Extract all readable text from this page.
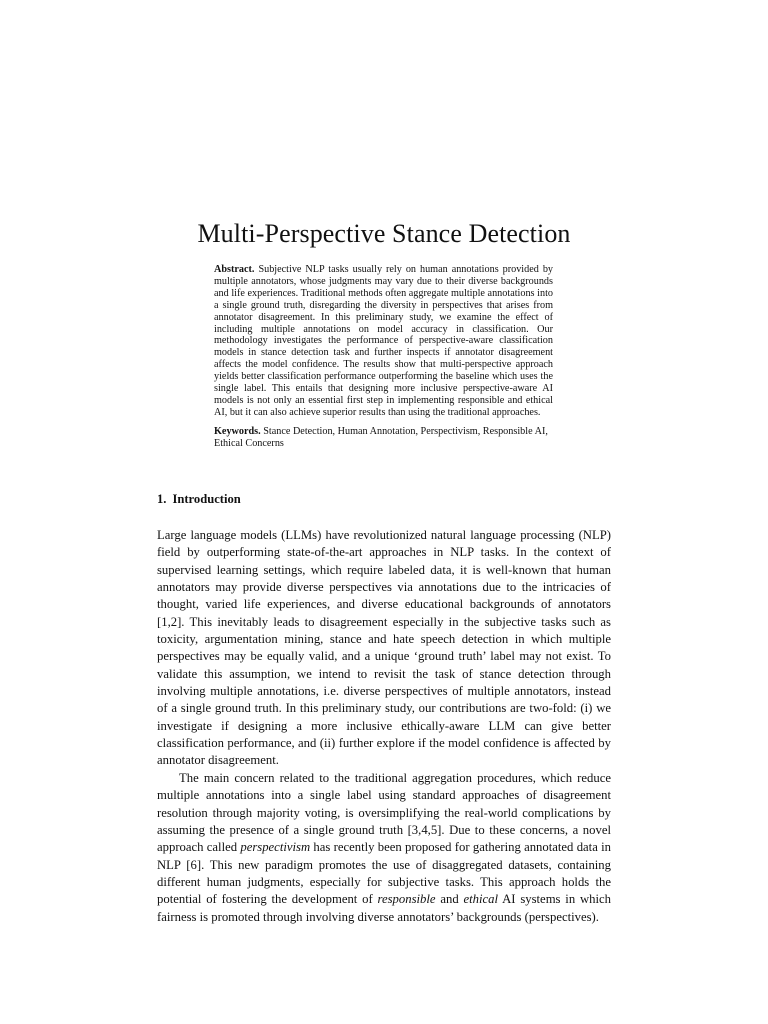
Multi-Perspective Stance Detection

Abstract. Subjective NLP tasks usually rely on human annotations provided by multiple annotators, whose judgments may vary due to their diverse backgrounds and life experiences. Traditional methods often aggregate multiple annotations into a single ground truth, disregarding the diversity in perspectives that arises from annotator disagreement. In this preliminary study, we examine the effect of including multiple annotations on model accuracy in classification. Our methodology investigates the performance of perspective-aware classification models in stance detection task and further inspects if annotator disagreement affects the model confidence. The results show that multi-perspective approach yields better classification performance outperforming the baseline which uses the single label. This entails that designing more inclusive perspective-aware AI models is not only an essential first step in implementing responsible and ethical AI, but it can also achieve superior results than using the traditional approaches.

Keywords. Stance Detection, Human Annotation, Perspectivism, Responsible AI, Ethical Concerns

1. Introduction

Large language models (LLMs) have revolutionized natural language processing (NLP) field by outperforming state-of-the-art approaches in NLP tasks. In the context of supervised learning settings, which require labeled data, it is well-known that human annotators may provide diverse perspectives via annotations due to the intricacies of thought, varied life experiences, and diverse educational backgrounds of annotators [1,2]. This inevitably leads to disagreement especially in the subjective tasks such as toxicity, argumentation mining, stance and hate speech detection in which multiple perspectives may be equally valid, and a unique ‘ground truth’ label may not exist. To validate this assumption, we intend to revisit the task of stance detection through involving multiple annotations, i.e. diverse perspectives of multiple annotators, instead of a single ground truth. In this preliminary study, our contributions are two-fold: (i) we investigate if designing a more inclusive ethically-aware LLM can give better classification performance, and (ii) further explore if the model confidence is affected by annotator disagreement.

The main concern related to the traditional aggregation procedures, which reduce multiple annotations into a single label using standard approaches of disagreement resolution through majority voting, is oversimplifying the real-world complications by assuming the presence of a single ground truth [3,4,5]. Due to these concerns, a novel approach called perspectivism has recently been proposed for gathering annotated data in NLP [6]. This new paradigm promotes the use of disaggregated datasets, containing different human judgments, especially for subjective tasks. This approach holds the potential of fostering the development of responsible and ethical AI systems in which fairness is promoted through involving diverse annotators’ backgrounds (perspectives).
